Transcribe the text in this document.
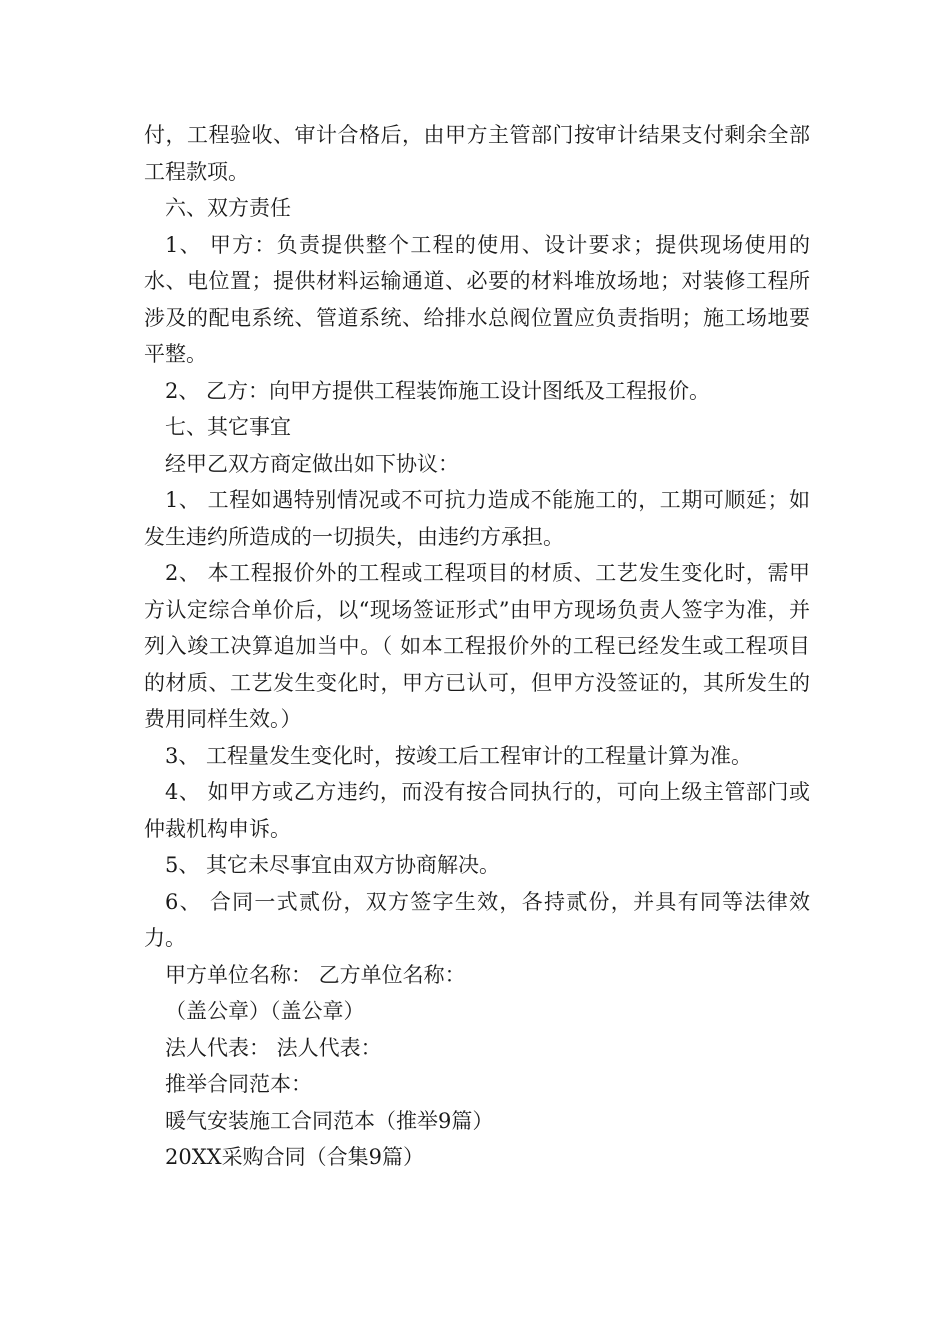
付，工程验收、审计合格后，由甲方主管部门按审计结果支付剩余全部工程款项。

六、双方责任

1、 甲方：负责提供整个工程的使用、设计要求；提供现场使用的水、电位置；提供材料运输通道、必要的材料堆放场地；对装修工程所涉及的配电系统、管道系统、给排水总阀位置应负责指明；施工场地要平整。

2、 乙方：向甲方提供工程装饰施工设计图纸及工程报价。

七、其它事宜

经甲乙双方商定做出如下协议：

1、 工程如遇特别情况或不可抗力造成不能施工的，工期可顺延；如发生违约所造成的一切损失，由违约方承担。

2、 本工程报价外的工程或工程项目的材质、工艺发生变化时，需甲方认定综合单价后，以“现场签证形式”由甲方现场负责人签字为准，并列入竣工决算追加当中。（ 如本工程报价外的工程已经发生或工程项目的材质、工艺发生变化时，甲方已认可，但甲方没签证的，其所发生的费用同样生效。）

3、 工程量发生变化时，按竣工后工程审计的工程量计算为准。

4、 如甲方或乙方违约，而没有按合同执行的，可向上级主管部门或仲裁机构申诉。

5、 其它未尽事宜由双方协商解决。

6、 合同一式贰份，双方签字生效，各持贰份，并具有同等法律效力。

甲方单位名称： 乙方单位名称：

（盖公章）（盖公章）

法人代表： 法人代表：

推举合同范本：

暖气安装施工合同范本（推举9篇）

20XX采购合同（合集9篇）
